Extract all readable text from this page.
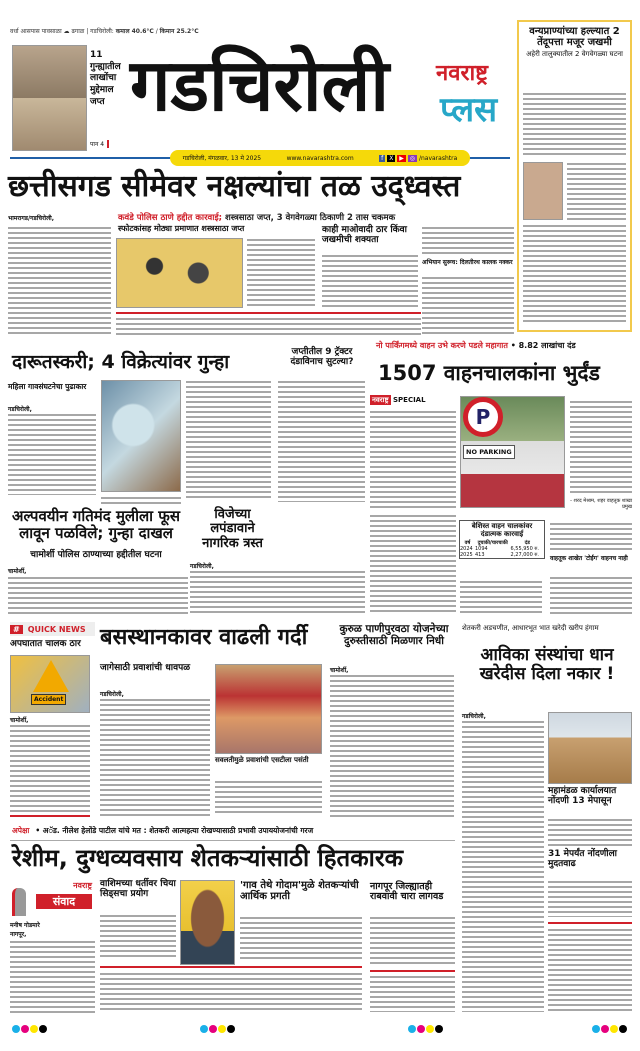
वर्धा आसपास पावसाळा ☁ ढगाळ | गडचिरोली: कमाल 40.6°C / किमान 25.2°C
11 गुन्ह्यातील लाखोंचा मुद्देमाल जप्त
पान 4
गडचिरोली	नवराष्ट्र
प्लस
गडचिरोली, मंगळवार, 13 मे 2025	www.navarashtra.com	f X ▶ ◎ /navarashtra
वन्यप्राण्यांच्या हल्ल्यात 2 तेंदूपत्ता मजूर जखमी
अहेरी तालुक्यातील 2 वेगवेगळ्या घटना
छत्तीसगड सीमेवर नक्षल्यांचा तळ उद्ध्वस्त
कवंडे पोलिस ठाणे हद्दीत कारवाई; शस्त्रसाठा जप्त, 3 वेगवेगळ्या ठिकाणी 2 तास चकमक
भामरागड/गडचिरोली,
स्फोटकांसह मोठ्या प्रमाणात शस्त्रसाठा जप्त	काही माओवादी ठार किंवा जखमीची शक्यता
अभियान सुरूच: दिलतीरथ कालक नक्कर
दारूतस्करी; 4 विक्रेत्यांवर गुन्हा
महिला गावसंघटनेचा पुढाकार
गडचिरोली,
जप्तीतील 9 ट्रॅक्टर दंडाविनाच सुटल्या?
नो पार्किंगमध्ये वाहन उभे करणे पडले महागात • 8.82 लाखांचा दंड
1507 वाहनचालकांना भुर्दंड
नवराष्ट्र SPECIAL
P
NO PARKING
- शरद मेश्राम, शहर वाहतूक शाखा प्रमुख
बेशिस्त वाहन चालकांवर दंडात्मक कारवाई
वर्ष	दुचाकी/चारचाकी	दंड
2024	1094	6,55,950 रु.
2025	413	2,27,000 रु. वाहतूक शाखेत 'टोईंग' वाहनच नाही
अल्पवयीन गतिमंद मुलीला फूस लावून पळविले; गुन्हा दाखल
चामोर्शी पोलिस ठाण्याच्या हद्दीतील घटना
चामोर्शी,
विजेच्या लपंडावाने नागरिक त्रस्त
गडचिरोली,
#	QUICK NEWS
अपघातात चालक ठार
Accident
चामोर्शी,
बसस्थानकावर वाढली गर्दी
जागेसाठी प्रवाशांची धावपळ
गडचिरोली,
सवलतीमुळे प्रवाशांची एसटीला पसंती
कुरुळ पाणीपुरवठा योजनेच्या दुरुस्तीसाठी मिळणार निधी
चामोर्शी,
शेतकरी अडचणीत, आधारभूत भात खरेदी खरीप हंगाम
आविका संस्थांचा धान खरेदीस दिला नकार !
गडचिरोली,
महामंडळ कार्यालयात नोंदणी 13 मेपासून
31 मेपर्यंत नोंदणीला मुदतवाढ
अपेक्षा • अॅड. नीलेश हेलोंडे पाटील यांचे मत : शेतकरी आत्महत्या रोखण्यासाठी प्रभावी उपाययोजनांची गरज
रेशीम, दुग्धव्यवसाय शेतकऱ्यांसाठी हितकारक
नवराष्ट्र
संवाद
मनीष गोडमारे
नागपूर,
वाशिमच्या धर्तीवर चिया सिड्सचा प्रयोग
'गाव तेथे गोदाम'मुळे शेतकऱ्यांची आर्थिक प्रगती
नागपूर जिल्ह्यातही राबवावी चारा लागवड
